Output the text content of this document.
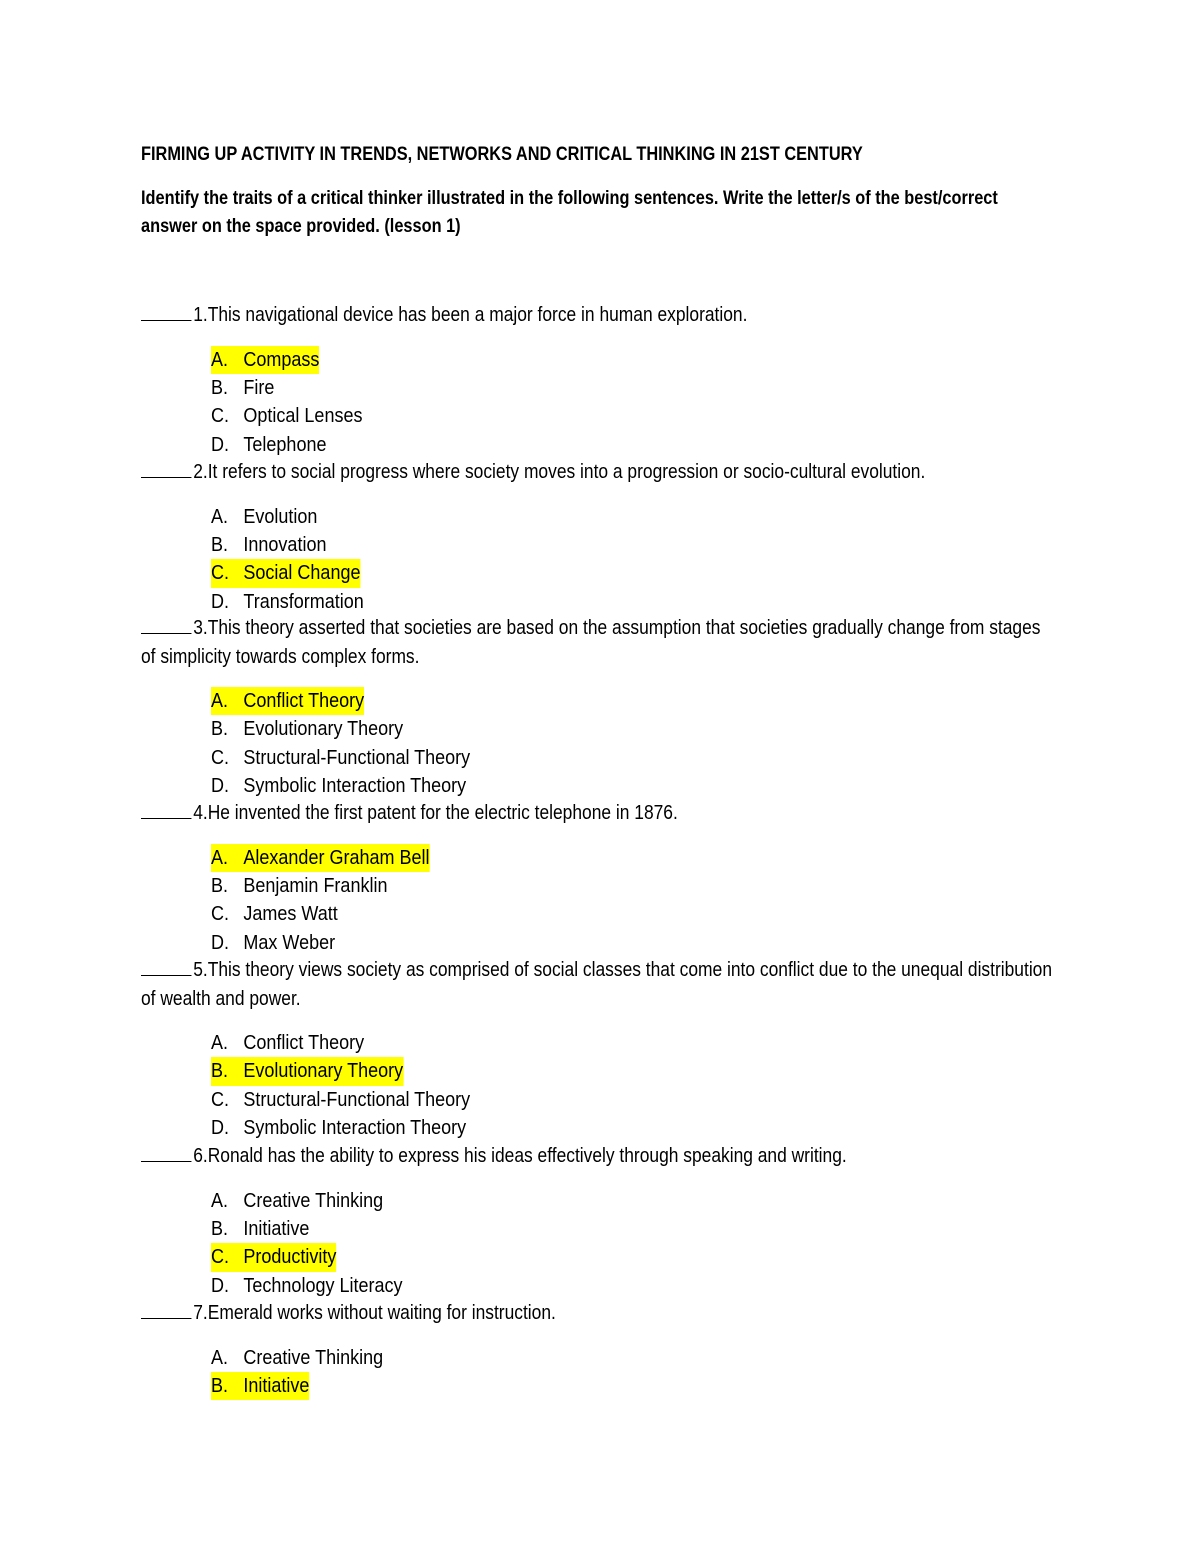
FIRMING UP ACTIVITY IN TRENDS, NETWORKS AND CRITICAL THINKING IN 21ST CENTURY

Identify the traits of a critical thinker illustrated in the following sentences. Write the letter/s of the best/correct answer on the space provided. (lesson 1)

1.This navigational device has been a major force in human exploration.

A. Compass
B. Fire
C. Optical Lenses
D. Telephone

2.It refers to social progress where society moves into a progression or socio-cultural evolution.

A. Evolution
B. Innovation
C. Social Change
D. Transformation

3.This theory asserted that societies are based on the assumption that societies gradually change from stages of simplicity towards complex forms.

A. Conflict Theory
B. Evolutionary Theory
C. Structural-Functional Theory
D. Symbolic Interaction Theory

4.He invented the first patent for the electric telephone in 1876.

A. Alexander Graham Bell
B. Benjamin Franklin
C. James Watt
D. Max Weber

5.This theory views society as comprised of social classes that come into conflict due to the unequal distribution of wealth and power.

A. Conflict Theory
B. Evolutionary Theory
C. Structural-Functional Theory
D. Symbolic Interaction Theory

6.Ronald has the ability to express his ideas effectively through speaking and writing.

A. Creative Thinking
B. Initiative
C. Productivity
D. Technology Literacy

7.Emerald works without waiting for instruction.

A. Creative Thinking
B. Initiative
